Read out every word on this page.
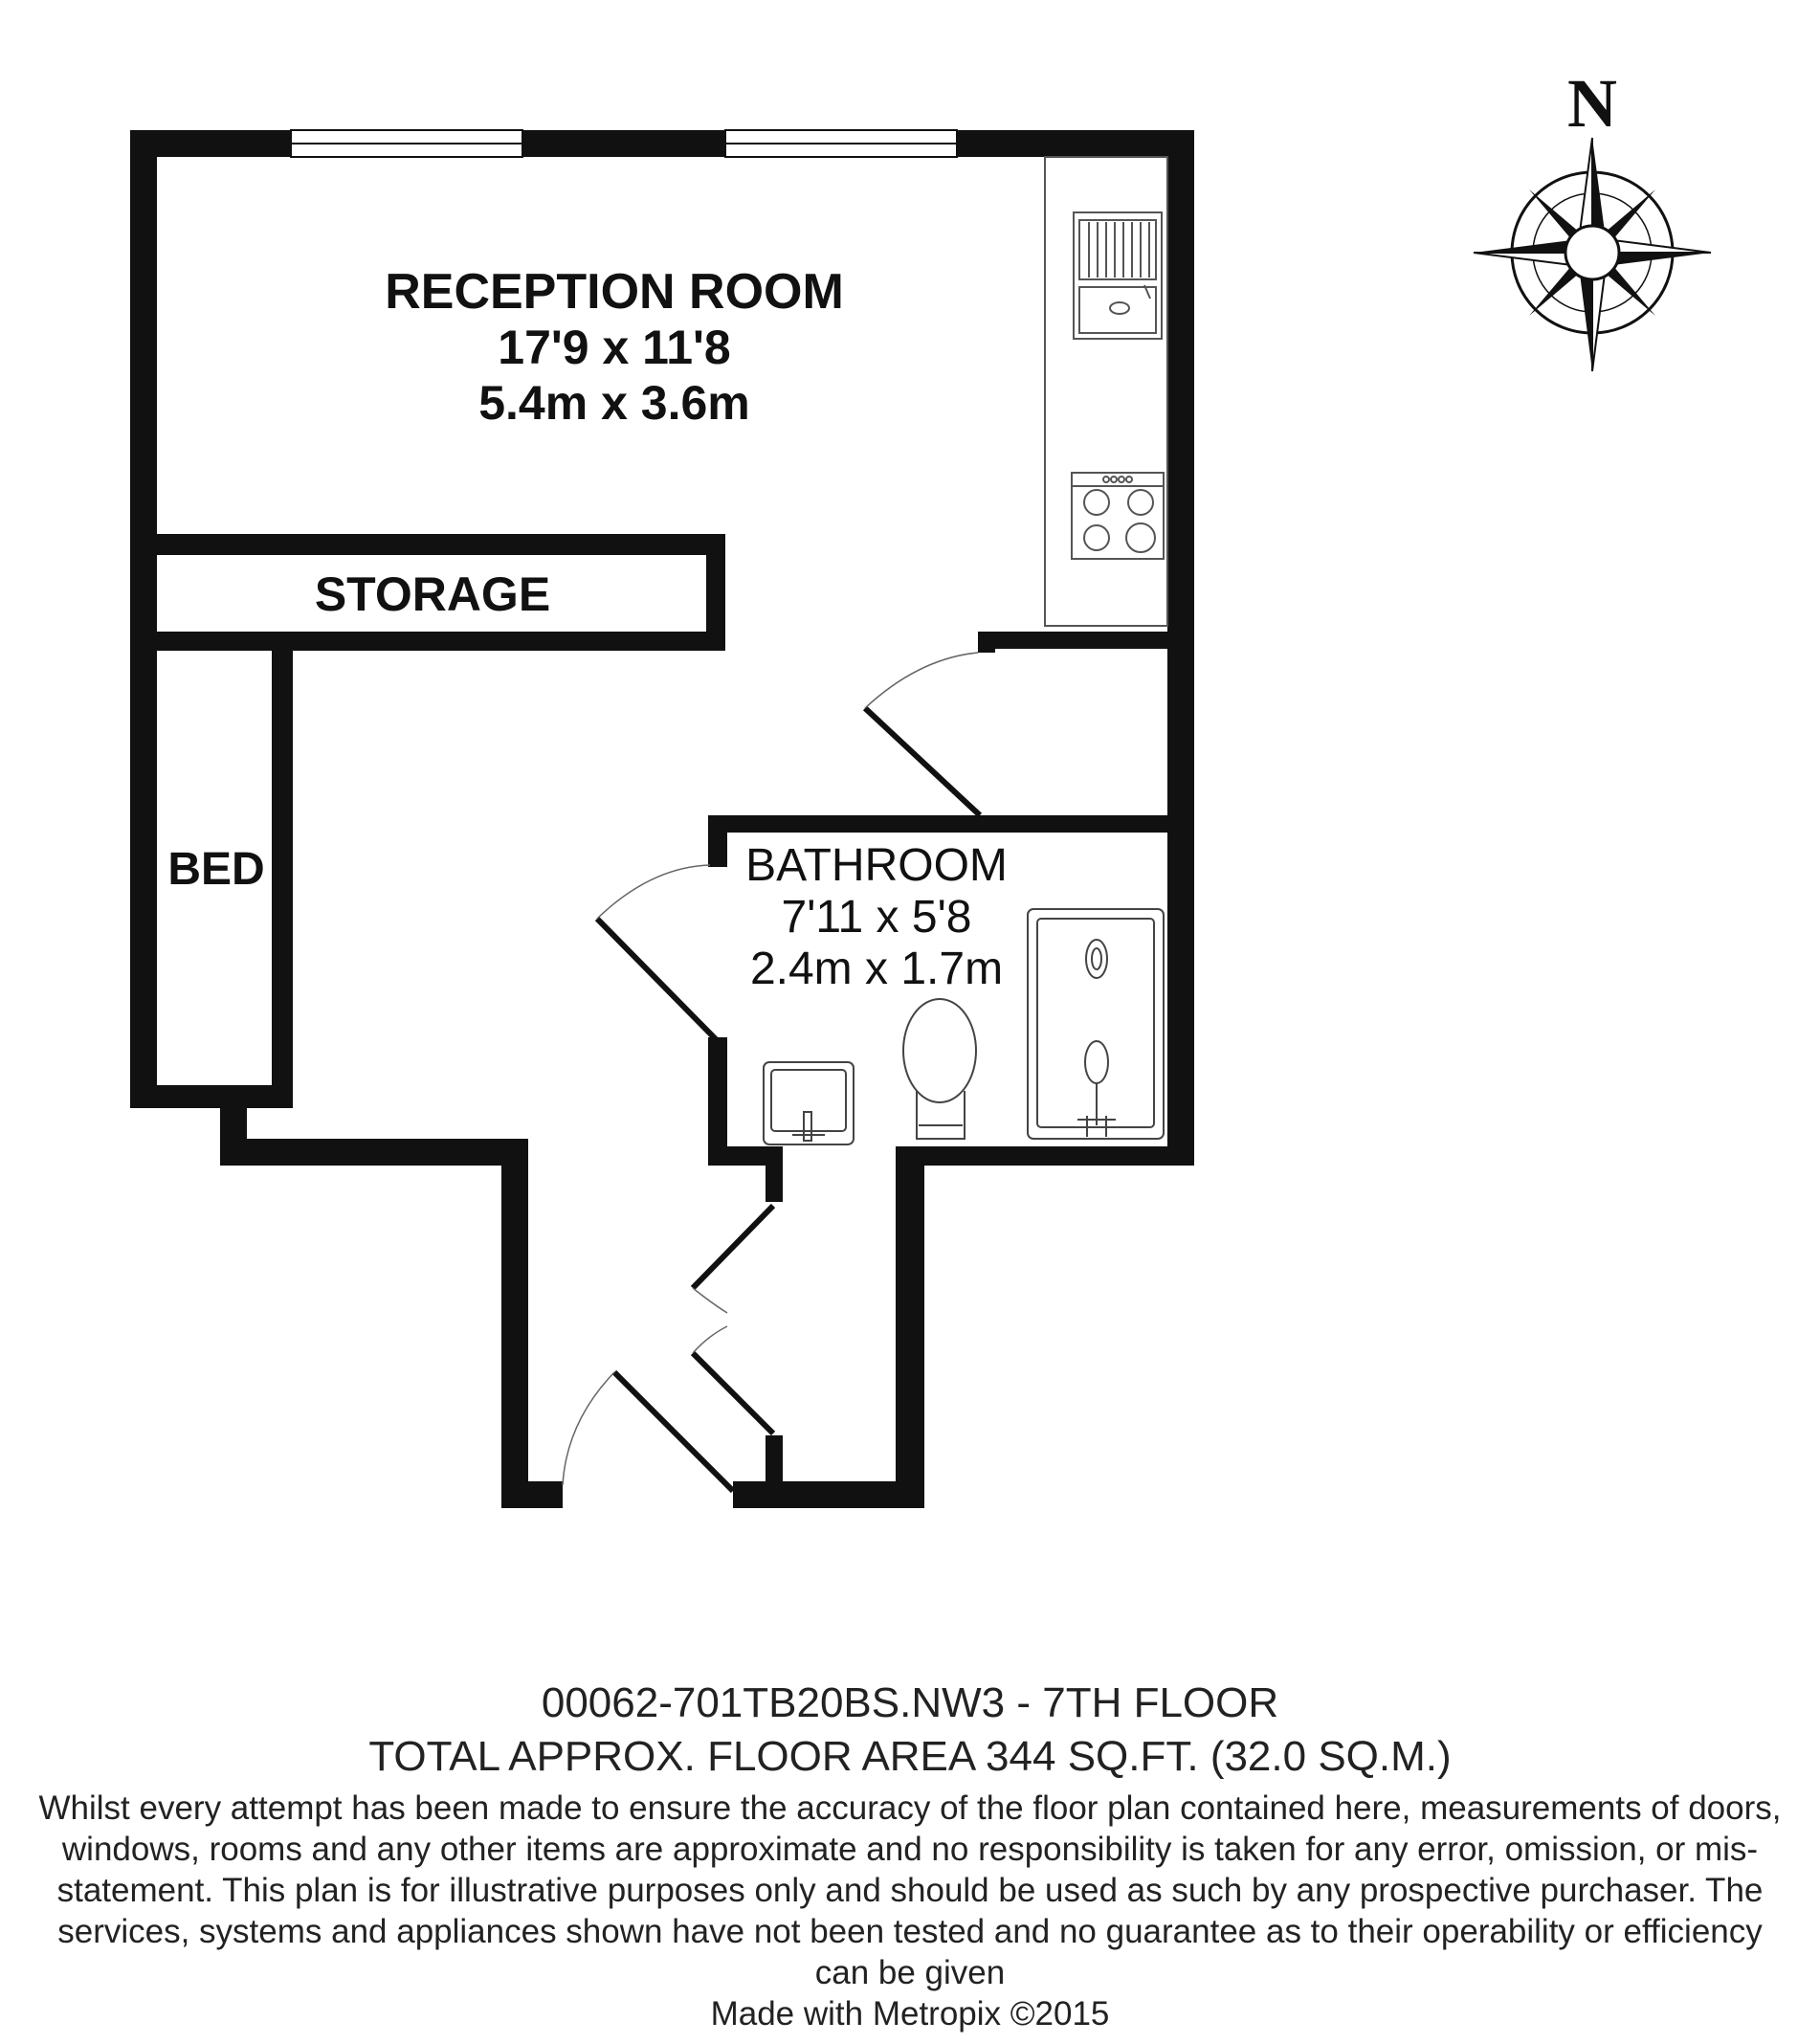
RECEPTION ROOM
17'9 x 11'8
5.4m x 3.6m
STORAGE
BED	BATHROOM
7'11 x 5'8
2.4m x 1.7m
N
00062-701TB20BS.NW3 - 7TH FLOOR
TOTAL APPROX. FLOOR AREA 344 SQ.FT. (32.0 SQ.M.)
Whilst every attempt has been made to ensure the accuracy of the floor plan contained here, measurements of doors, windows, rooms and any other items are approximate and no responsibility is taken for any error, omission, or mis-statement. This plan is for illustrative purposes only and should be used as such by any prospective purchaser. The services, systems and appliances shown have not been tested and no guarantee as to their operability or efficiency can be given
Made with Metropix ©2015
